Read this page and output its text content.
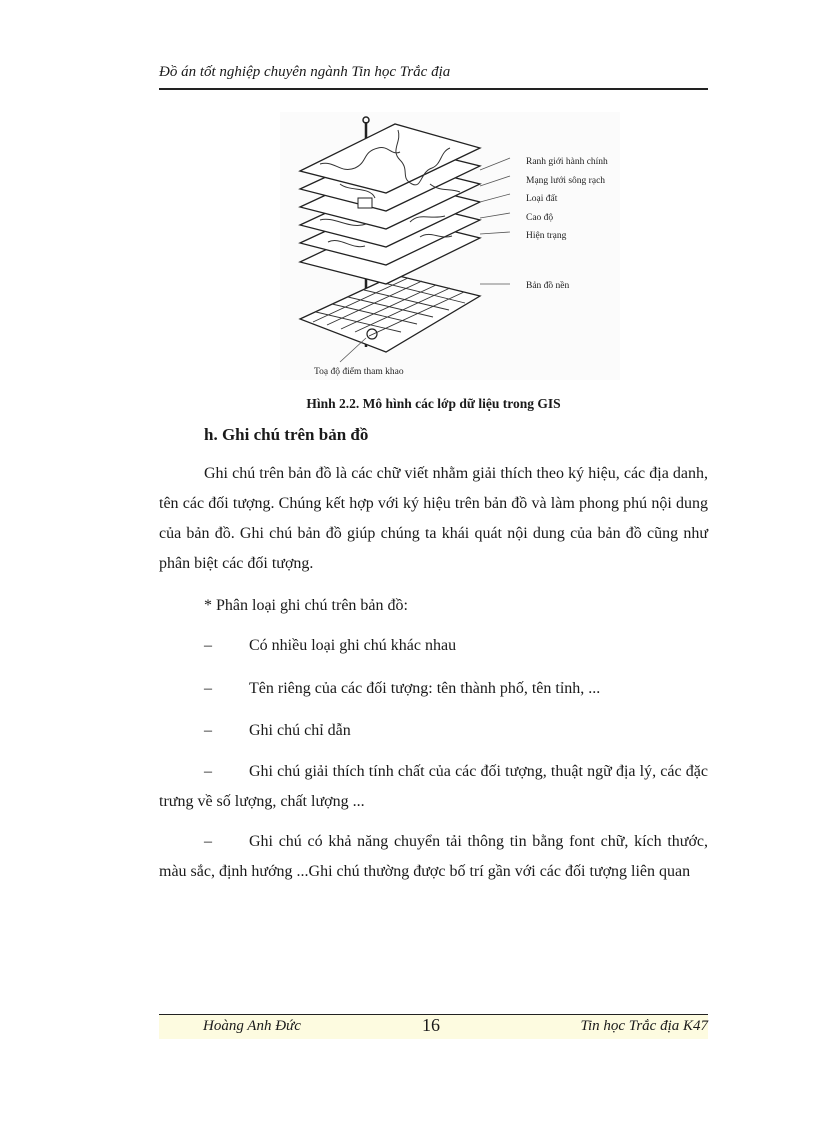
Đồ án tốt nghiệp chuyên ngành Tin học Trắc địa
Ranh giới hành chính
Mạng lưới sông rạch
Loại đất
Cao độ
Hiện trạng
Bản đồ nền
Toạ độ điểm tham khao
Hình 2.2. Mô hình các lớp dữ liệu trong GIS
h. Ghi chú trên bản đồ
Ghi chú trên bản đồ là các chữ viết nhằm giải thích theo ký hiệu, các địa danh, tên các đối tượng. Chúng kết hợp với ký hiệu trên bản đồ và làm phong phú nội dung của bản đồ. Ghi chú bản đồ giúp chúng ta khái quát nội dung của bản đồ cũng như phân biệt các đối tượng.
* Phân loại ghi chú trên bản đồ:
–	Có nhiều loại ghi chú khác nhau
–	Tên riêng của các đối tượng: tên thành phố, tên tỉnh, ...
–	Ghi chú chỉ dẫn
–	Ghi chú giải thích tính chất của các đối tượng, thuật ngữ địa lý, các đặc trưng về số lượng, chất lượng ...
–	Ghi chú có khả năng chuyển tải thông tin bằng font chữ, kích thước, màu sắc, định hướng ...Ghi chú thường được bố trí gần với các đối tượng liên quan
Hoàng Anh Đức	16	Tin học Trắc địa K47
